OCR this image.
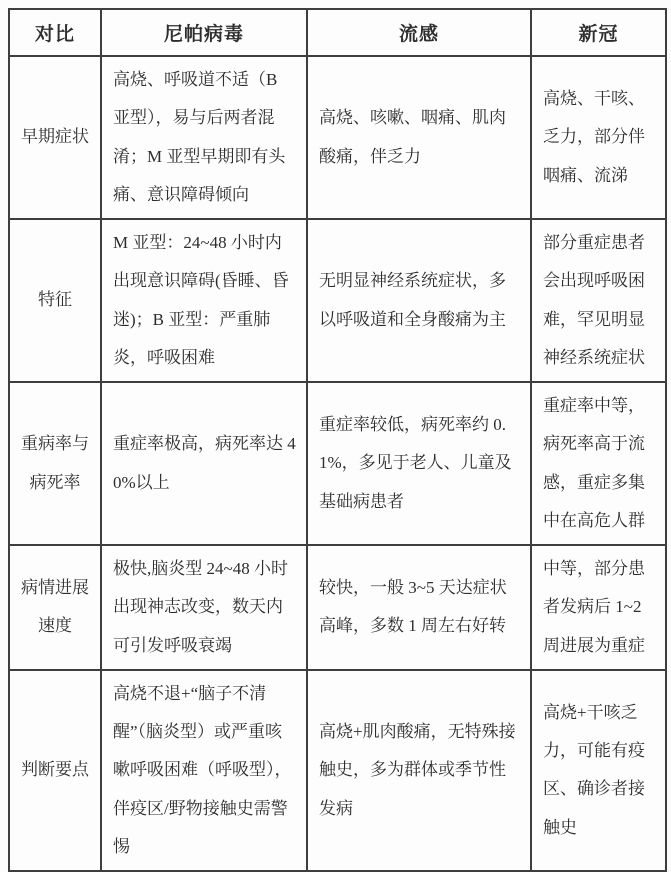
对比	尼帕病毒	流感	新冠
早期症状	高烧、呼吸道不适（B 亚型），易与后两者混淆；M 亚型早期即有头痛、意识障碍倾向	高烧、咳嗽、咽痛、肌肉酸痛，伴乏力	高烧、干咳、乏力，部分伴咽痛、流涕
特征	M 亚型：24~48 小时内出现意识障碍(昏睡、昏迷)；B 亚型：严重肺炎，呼吸困难	无明显神经系统症状，多以呼吸道和全身酸痛为主	部分重症患者会出现呼吸困难，罕见明显神经系统症状
重病率与病死率	重症率极高，病死率达 40%以上	重症率较低，病死率约 0.1%，多见于老人、儿童及基础病患者	重症率中等，病死率高于流感，重症多集中在高危人群
病情进展速度	极快,脑炎型 24~48 小时出现神志改变，数天内可引发呼吸衰竭	较快，一般 3~5 天达症状高峰，多数 1 周左右好转	中等，部分患者发病后 1~2 周进展为重症
判断要点	高烧不退+“脑子不清醒”（脑炎型）或严重咳嗽呼吸困难（呼吸型），伴疫区/野物接触史需警惕	高烧+肌肉酸痛，无特殊接触史，多为群体或季节性发病	高烧+干咳乏力，可能有疫区、确诊者接触史
